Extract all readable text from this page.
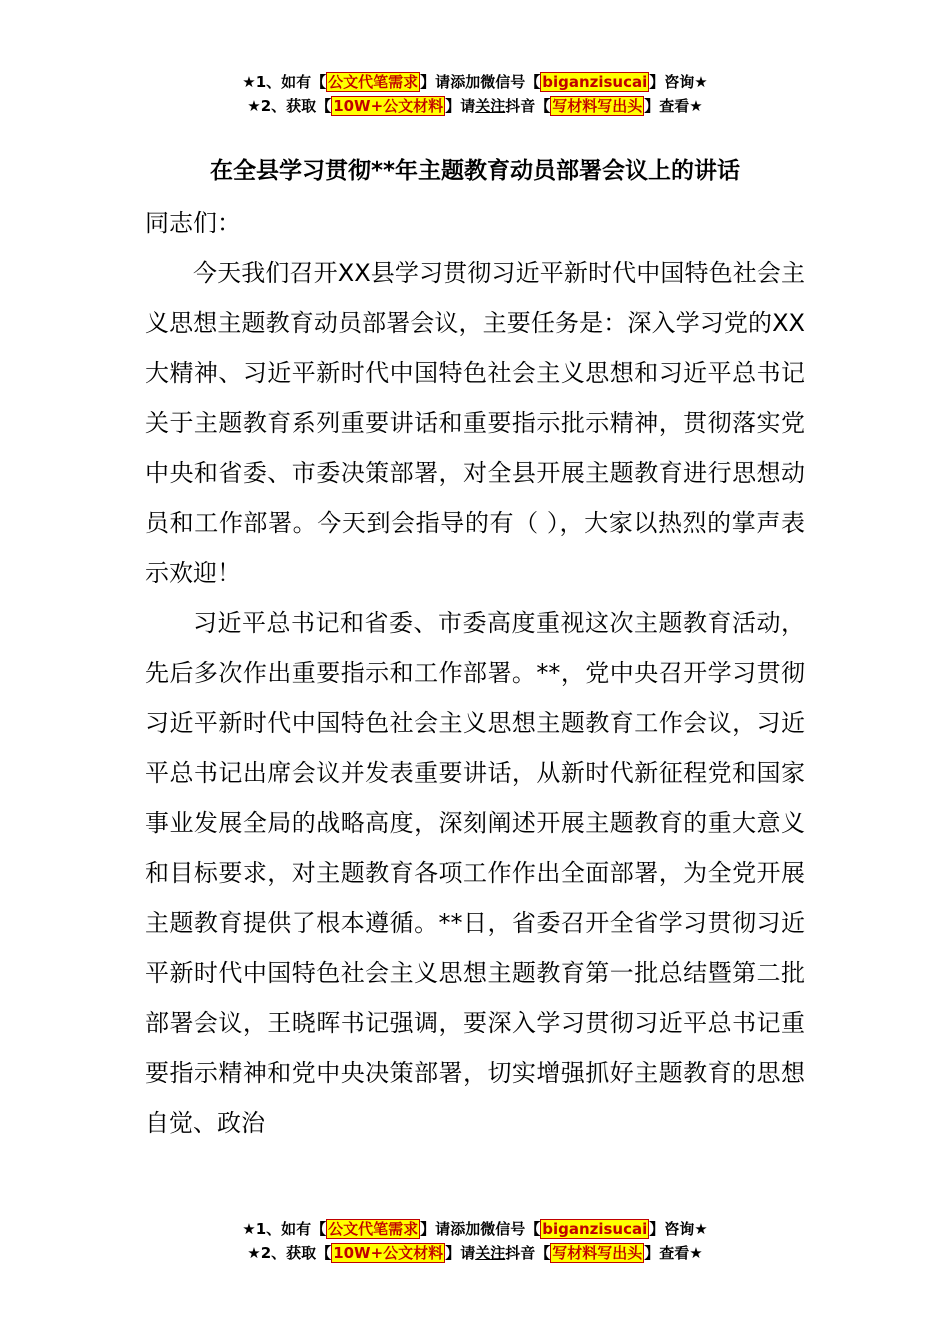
★1、如有【 公文代笔需求 】请添加微信号【 biganzisucai 】咨询★
★2、获取【 10W+公文材料 】请关注抖音【 写材料写出头 】查看★
在全县学习贯彻**年主题教育动员部署会议上的讲话

同志们：

今天我们召开XX县学习贯彻习近平新时代中国特色社会主义思想主题教育动员部署会议，主要任务是：深入学习党的XX大精神、习近平新时代中国特色社会主义思想和习近平总书记关于主题教育系列重要讲话和重要指示批示精神，贯彻落实党中央和省委、市委决策部署，对全县开展主题教育进行思想动员和工作部署。今天到会指导的有（ ），大家以热烈的掌声表示欢迎！

习近平总书记和省委、市委高度重视这次主题教育活动，先后多次作出重要指示和工作部署。**，党中央召开学习贯彻习近平新时代中国特色社会主义思想主题教育工作会议，习近平总书记出席会议并发表重要讲话，从新时代新征程党和国家事业发展全局的战略高度，深刻阐述开展主题教育的重大意义和目标要求，对主题教育各项工作作出全面部署，为全党开展主题教育提供了根本遵循。**日，省委召开全省学习贯彻习近平新时代中国特色社会主义思想主题教育第一批总结暨第二批部署会议，王晓晖书记强调，要深入学习贯彻习近平总书记重要指示精神和党中央决策部署，切实增强抓好主题教育的思想自觉、政治

★1、如有【 公文代笔需求 】请添加微信号【 biganzisucai 】咨询★
★2、获取【 10W+公文材料 】请关注抖音【 写材料写出头 】查看★
